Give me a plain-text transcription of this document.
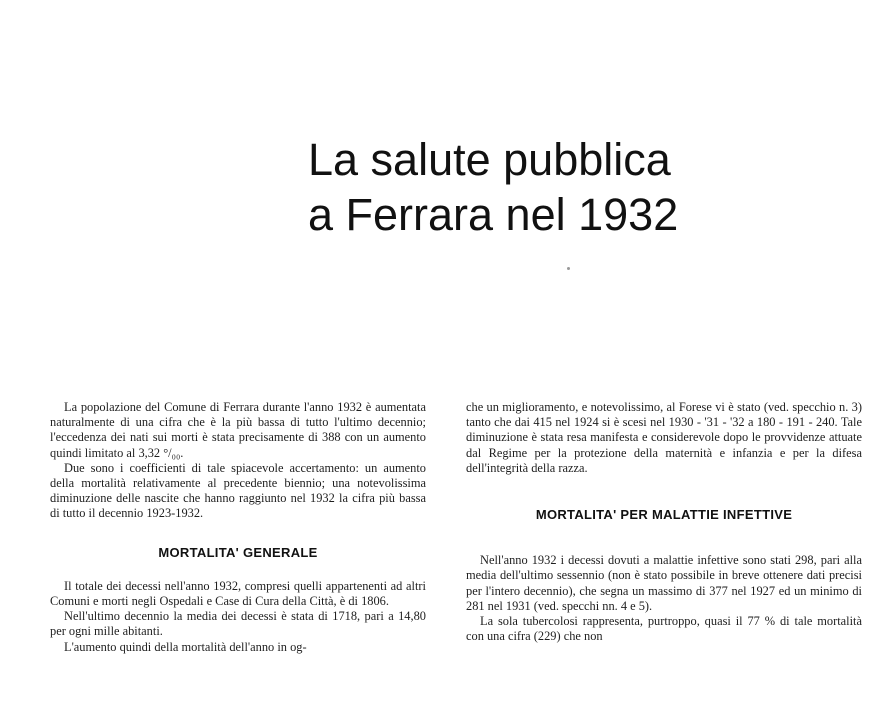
La salute pubblica
a Ferrara nel 1932

La popolazione del Comune di Ferrara durante l'anno 1932 è aumentata naturalmente di una cifra che è la più bassa di tutto l'ultimo decennio; l'eccedenza dei nati sui morti è stata precisamente di 388 con un aumento quindi limitato al 3,32 °/₀₀.

Due sono i coefficienti di tale spiacevole accertamento: un aumento della mortalità relativamente al precedente biennio; una notevolissima diminuzione delle nascite che hanno raggiunto nel 1932 la cifra più bassa di tutto il decennio 1923-1932.

MORTALITA' GENERALE

Il totale dei decessi nell'anno 1932, compresi quelli appartenenti ad altri Comuni e morti negli Ospedali e Case di Cura della Città, è di 1806.

Nell'ultimo decennio la media dei decessi è stata di 1718, pari a 14,80 per ogni mille abitanti.

L'aumento quindi della mortalità dell'anno in og-

che un miglioramento, e notevolissimo, al Forese vi è stato (ved. specchio n. 3) tanto che dai 415 nel 1924 si è scesi nel 1930 - '31 - '32 a 180 - 191 - 240. Tale diminuzione è stata resa manifesta e considerevole dopo le provvidenze attuate dal Regime per la protezione della maternità e infanzia e per la difesa dell'integrità della razza.

MORTALITA' PER MALATTIE INFETTIVE

Nell'anno 1932 i decessi dovuti a malattie infettive sono stati 298, pari alla media dell'ultimo sessennio (non è stato possibile in breve ottenere dati precisi per l'intero decennio), che segna un massimo di 377 nel 1927 ed un minimo di 281 nel 1931 (ved. specchi nn. 4 e 5).

La sola tubercolosi rappresenta, purtroppo, quasi il 77 % di tale mortalità con una cifra (229) che non
